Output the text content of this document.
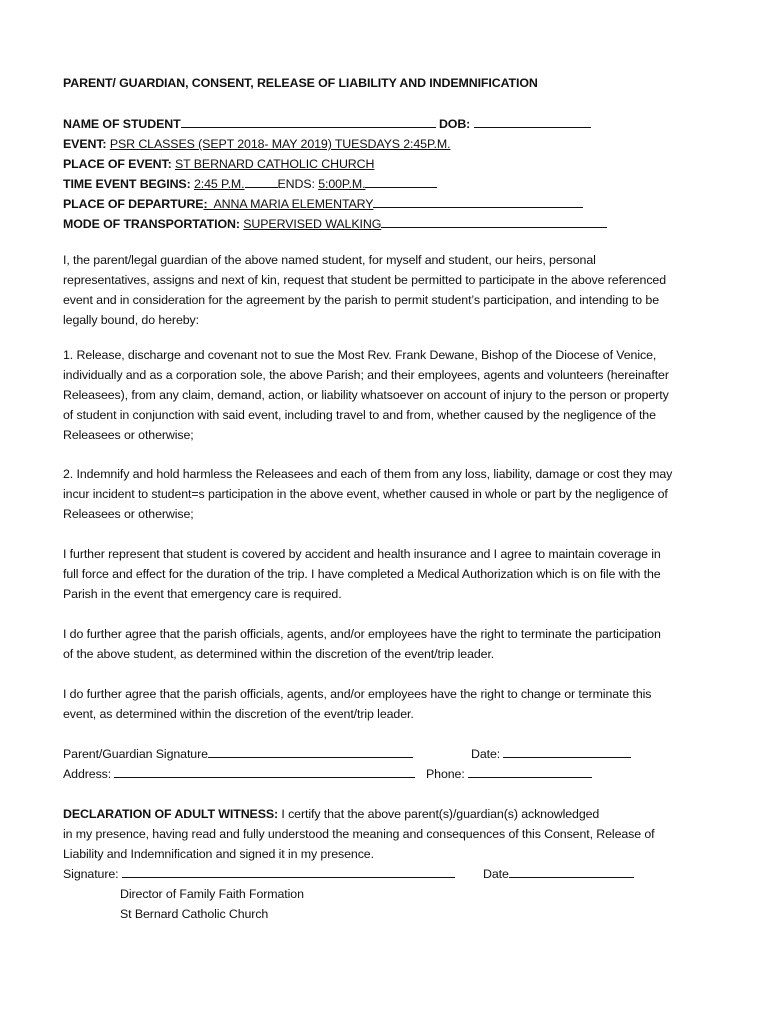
PARENT/ GUARDIAN, CONSENT, RELEASE OF LIABILITY AND INDEMNIFICATION
NAME OF STUDENT	DOB:
EVENT: PSR CLASSES (SEPT 2018- MAY 2019) TUESDAYS 2:45P.M.
PLACE OF EVENT: ST BERNARD CATHOLIC CHURCH
TIME EVENT BEGINS: 2:45 P.M.	ENDS: 5:00P.M.
PLACE OF DEPARTURE:  ANNA MARIA ELEMENTARY
MODE OF TRANSPORTATION: SUPERVISED WALKING
I, the parent/legal guardian of the above named student, for myself and student, our heirs, personal
representatives, assigns and next of kin, request that student be permitted to participate in the above referenced
event and in consideration for the agreement by the parish to permit student’s participation, and intending to be
legally bound, do hereby:
1. Release, discharge and covenant not to sue the Most Rev. Frank Dewane, Bishop of the Diocese of Venice,
individually and as a corporation sole, the above Parish; and their employees, agents and volunteers (hereinafter
Releasees), from any claim, demand, action, or liability whatsoever on account of injury to the person or property
of student in conjunction with said event, including travel to and from, whether caused by the negligence of the
Releasees or otherwise;
2. Indemnify and hold harmless the Releasees and each of them from any loss, liability, damage or cost they may
incur incident to student=s participation in the above event, whether caused in whole or part by the negligence of
Releasees or otherwise;
I further represent that student is covered by accident and health insurance and I agree to maintain coverage in
full force and effect for the duration of the trip. I have completed a Medical Authorization which is on file with the
Parish in the event that emergency care is required.
I do further agree that the parish officials, agents, and/or employees have the right to terminate the participation
of the above student, as determined within the discretion of the event/trip leader.
I do further agree that the parish officials, agents, and/or employees have the right to change or terminate this
event, as determined within the discretion of the event/trip leader.
Parent/Guardian Signature	Date:
Address:	Phone:
DECLARATION OF ADULT WITNESS: I certify that the above parent(s)/guardian(s) acknowledged
in my presence, having read and fully understood the meaning and consequences of this Consent, Release of
Liability and Indemnification and signed it in my presence.
Signature:	Date
Director of Family Faith Formation
St Bernard Catholic Church
